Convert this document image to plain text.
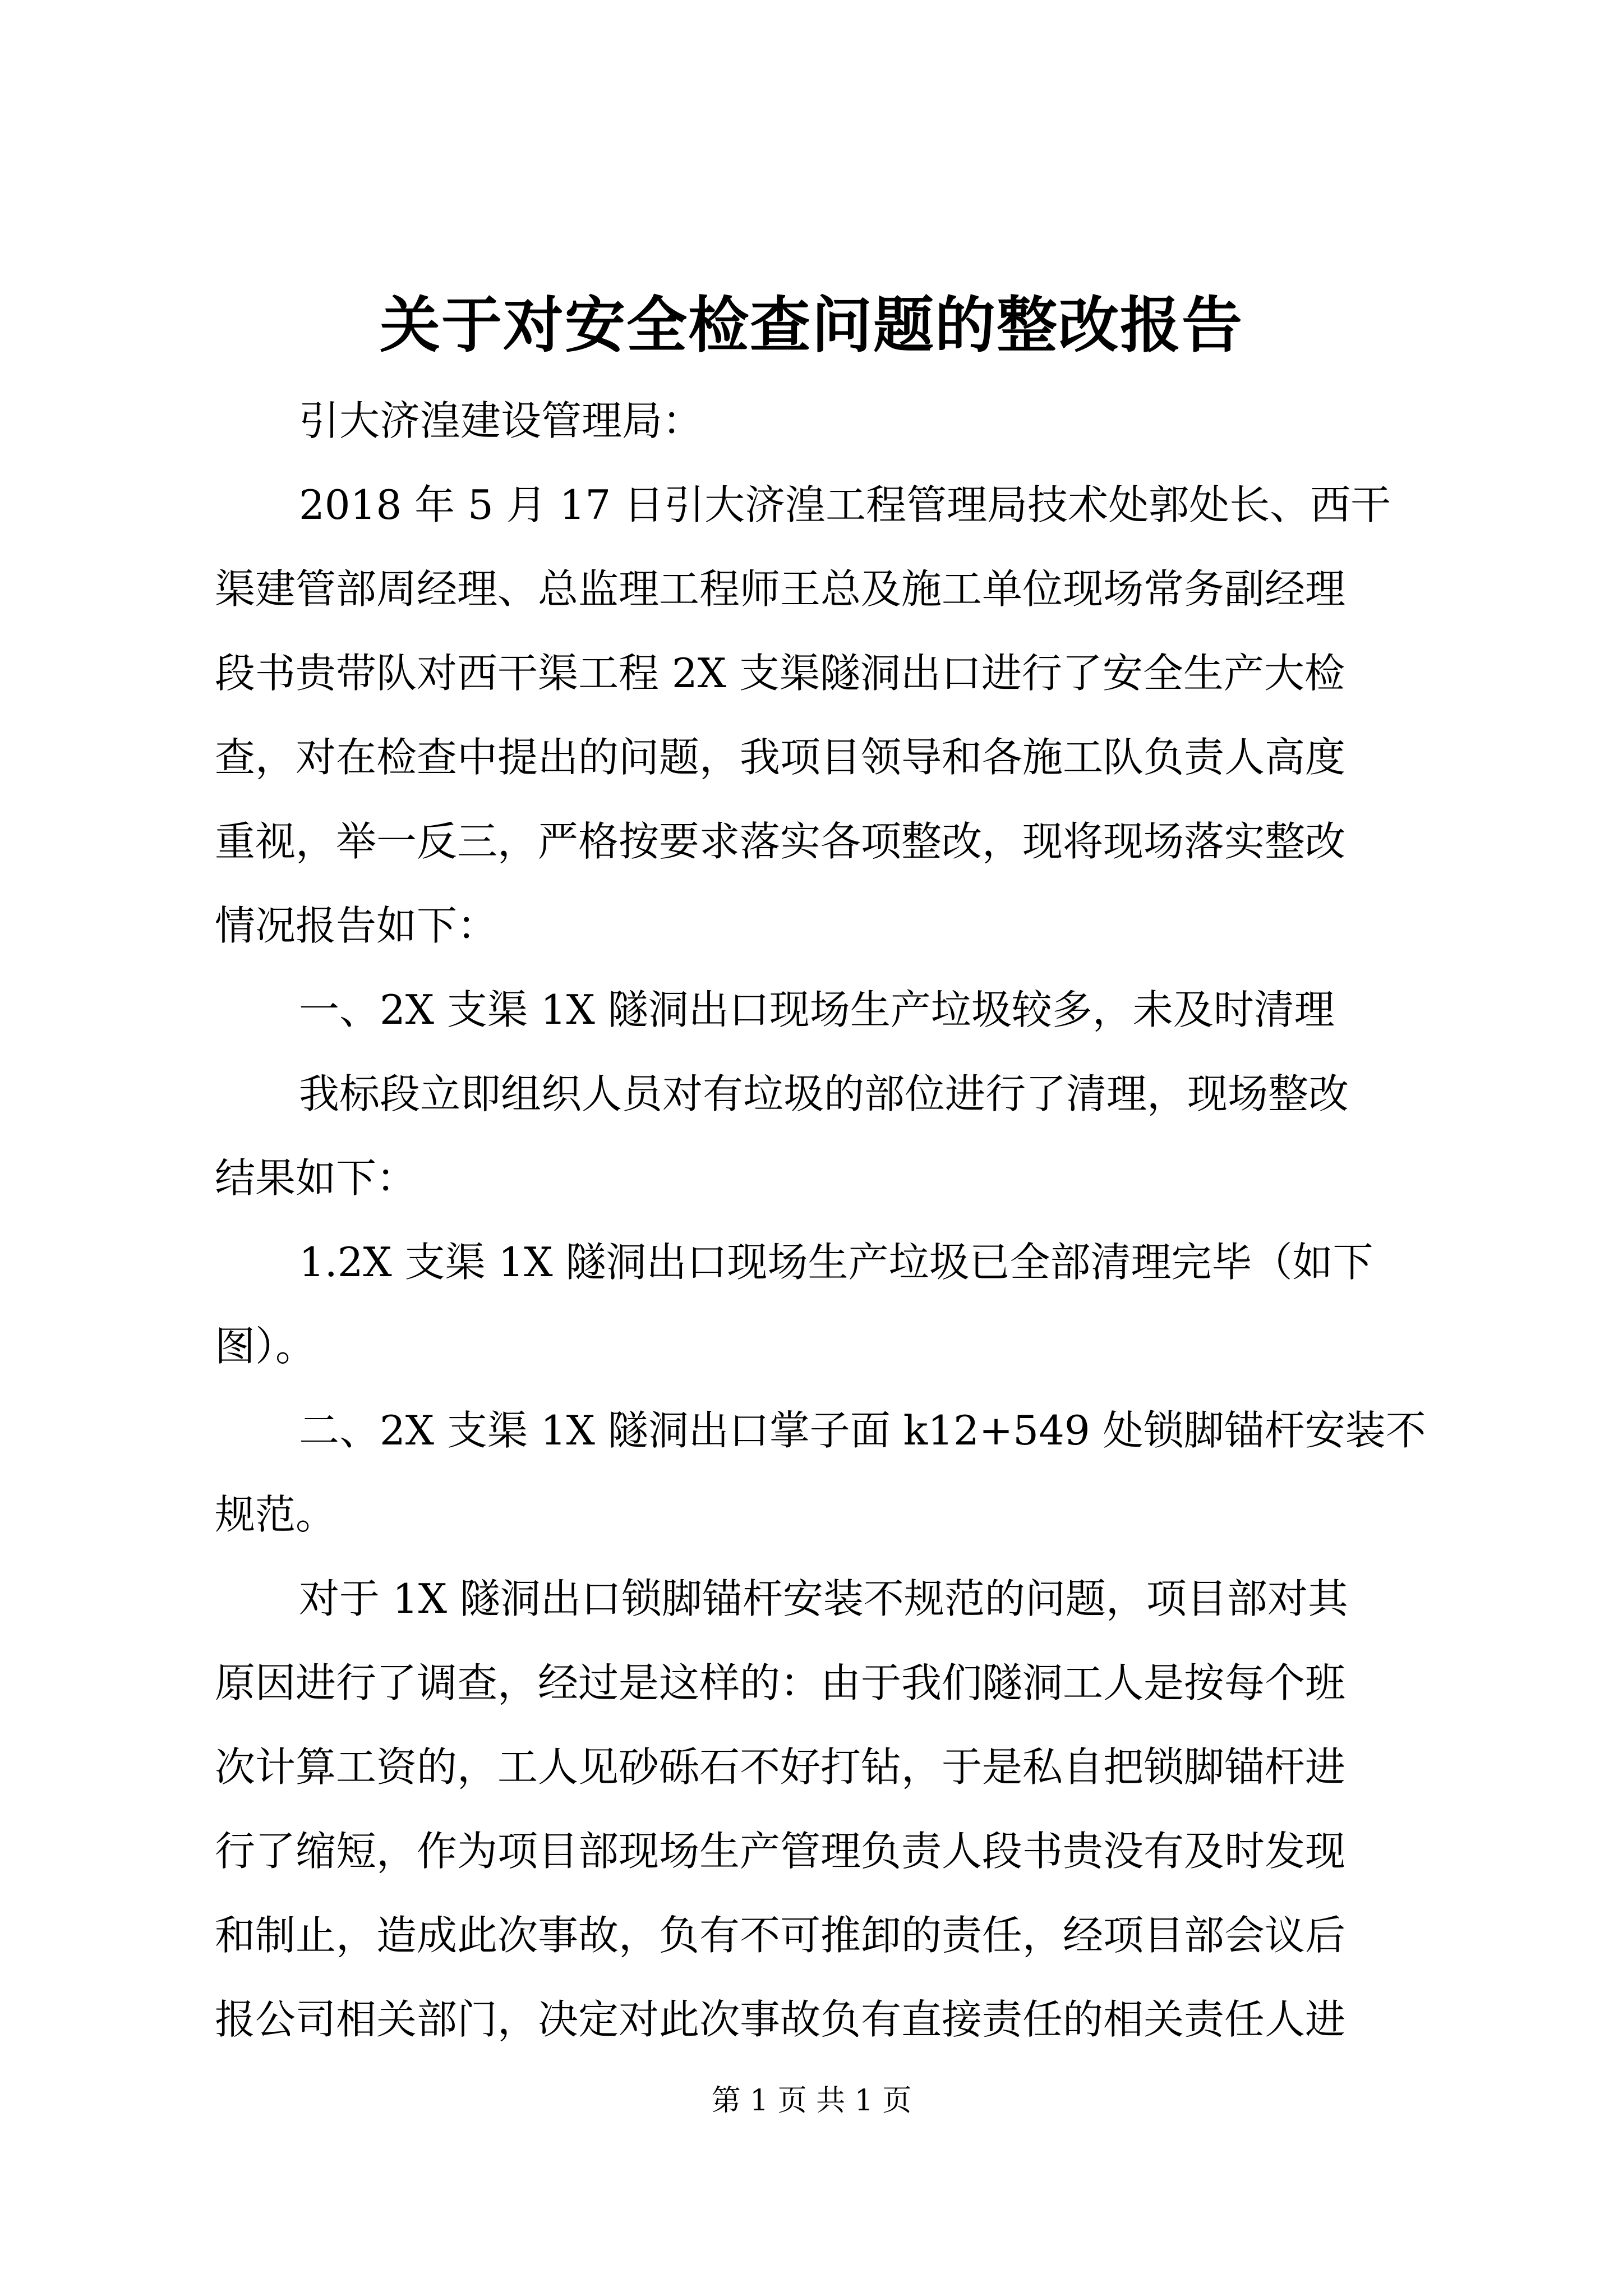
关于对安全检查问题的整改报告
引大济湟建设管理局：
2018 年 5 月 17 日引大济湟工程管理局技术处郭处长、西干
渠建管部周经理、总监理工程师王总及施工单位现场常务副经理
段书贵带队对西干渠工程 2X 支渠隧洞出口进行了安全生产大检
查，对在检查中提出的问题，我项目领导和各施工队负责人高度
重视，举一反三，严格按要求落实各项整改，现将现场落实整改
情况报告如下：
一、2X 支渠 1X 隧洞出口现场生产垃圾较多，未及时清理
我标段立即组织人员对有垃圾的部位进行了清理，现场整改
结果如下：
1.2X 支渠 1X 隧洞出口现场生产垃圾已全部清理完毕（如下
图）。
二、2X 支渠 1X 隧洞出口掌子面 k12+549 处锁脚锚杆安装不
规范。
对于 1X 隧洞出口锁脚锚杆安装不规范的问题，项目部对其
原因进行了调查，经过是这样的：由于我们隧洞工人是按每个班
次计算工资的，工人见砂砾石不好打钻，于是私自把锁脚锚杆进
行了缩短，作为项目部现场生产管理负责人段书贵没有及时发现
和制止，造成此次事故，负有不可推卸的责任，经项目部会议后
报公司相关部门，决定对此次事故负有直接责任的相关责任人进
第 1 页 共 1 页
